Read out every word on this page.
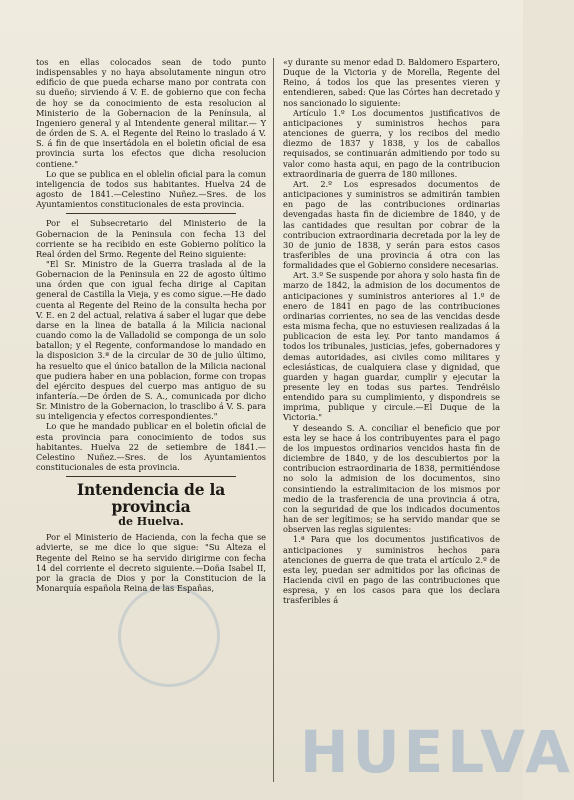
tos en ellas colocados sean de todo punto indispensables y no haya absolutamente ningun otro edificio de que pueda echarse mano por contrata con su dueño; sirviendo á V. E. de gobierno que con fecha de hoy se da conocimiento de esta resolucion al Ministerio de la Gobernacion de la Península, al Ingeniero general y al Intendente general militar.— Y de órden de S. A. el Regente del Reino lo traslado á V. S. á fin de que insertádola en el boletin oficial de esa provincia surta los efectos que dicha resolucion contiene."

Lo que se publica en el oblelin oficial para la comun inteligencia de todos sus habitantes. Huelva 24 de agosto de 1841.—Celestino Nuñez.—Sres. de los Ayuntamientos constitucionales de esta provincia.

Por el Subsecretario del Ministerio de la Gobernacion de la Peninsula con fecha 13 del corriente se ha recibido en este Gobierno político la Real órden del Srmo. Regente del Reino siguiente:

"El Sr. Ministro de la Guerra traslada al de la Gobernacion de la Peninsula en 22 de agosto último una órden que con igual fecha dirige al Capitan general de Castilla la Vieja, y es como sigue.—He dado cuenta al Regente del Reino de la consulta hecha por V. E. en 2 del actual, relativa á saber el lugar que debe darse en la linea de batalla á la Milicia nacional cuando como la de Valladolid se componga de un solo batallon; y el Regente, conformandose lo mandado en la disposicion 3.ª de la circular de 30 de julio último, ha resuelto que el único batallon de la Milicia nacional que pudiera haber en una poblacion, forme con tropas del ejército despues del cuerpo mas antiguo de su infantería.—De órden de S. A., comunicada por dicho Sr. Ministro de la Gobernacion, lo trasclibo á V. S. para su inteligencia y efectos correspondientes."

Lo que he mandado publicar en el boletin oficial de esta provincia para conocimiento de todos sus habitantes. Huelva 22 de setiembre de 1841.—Celestino Nuñez.—Sres. de los Ayuntamientos constitucionales de esta provincia.

Intendencia de la provincia
de Huelva.

Por el Ministerio de Hacienda, con la fecha que se advierte, se me dice lo que sigue: "Su Alteza el Regente del Reino se ha servido dirigirme con fecha 14 del corriente el decreto siguiente.—Doña Isabel II, por la gracia de Dios y por la Constitucion de la Monarquía española Reina de las Españas,

«y durante su menor edad D. Baldomero Espartero, Duque de la Victoria y de Morella, Regente del Reino, á todos los que las presentes vieren y entendieren, sabed: Que las Córtes han decretado y nos sancionado lo siguiente:

Artículo 1.º Los documentos justificativos de anticipaciones y suministros hechos para atenciones de guerra, y los recibos del medio diezmo de 1837 y 1838, y los de caballos requisados, se continuarán admitiendo por todo su valor como hasta aqui, en pago de la contribucion extraordinaria de guerra de 180 millones.

Art. 2.º Los espresados documentos de anticipaciones y suministros se admitirán tambien en pago de las contribuciones ordinarias devengadas hasta fin de diciembre de 1840, y de las cantidades que resultan por cobrar de la contribucion extraordinaria decretada por la ley de 30 de junio de 1838, y serán para estos casos trasferibles de una provincia á otra con las formalidades que el Gobierno considere necesarias.

Art. 3.º Se suspende por ahora y solo hasta fin de marzo de 1842, la admision de los documentos de anticipaciones y suministros anteriores al 1.º de enero de 1841 en pago de las contribuciones ordinarias corrientes, no sea de las vencidas desde esta misma fecha, que no estuviesen realizadas á la publicacion de esta ley. Por tanto mandamos á todos los tribunales, justicias, jefes, gobernadores y demas autoridades, asi civiles como militares y eclesiásticas, de cualquiera clase y dignidad, que guarden y hagan guardar, cumplir y ejecutar la presente ley en todas sus partes. Tendréislo entendido para su cumplimiento, y dispondreis se imprima, publique y circule.—El Duque de la Victoria."

Y deseando S. A. conciliar el beneficio que por esta ley se hace á los contribuyentes para el pago de los impuestos ordinarios vencidos hasta fin de diciembre de 1840, y de los descubiertos por la contribucion estraordinaria de 1838, permitiéndose no solo la admision de los documentos, sino consintiendo la estralimitacion de los mismos por medio de la trasferencia de una provincia á otra, con la seguridad de que los indicados documentos han de ser legítimos; se ha servido mandar que se observen las reglas siguientes:

1.ª Para que los documentos justificativos de anticipaciones y suministros hechos para atenciones de guerra de que trata el artículo 2.º de esta ley, puedan ser admitidos por las oficinas de Hacienda civil en pago de las contribuciones que espresa, y en los casos para que los declara trasferibles á

HUELVA
